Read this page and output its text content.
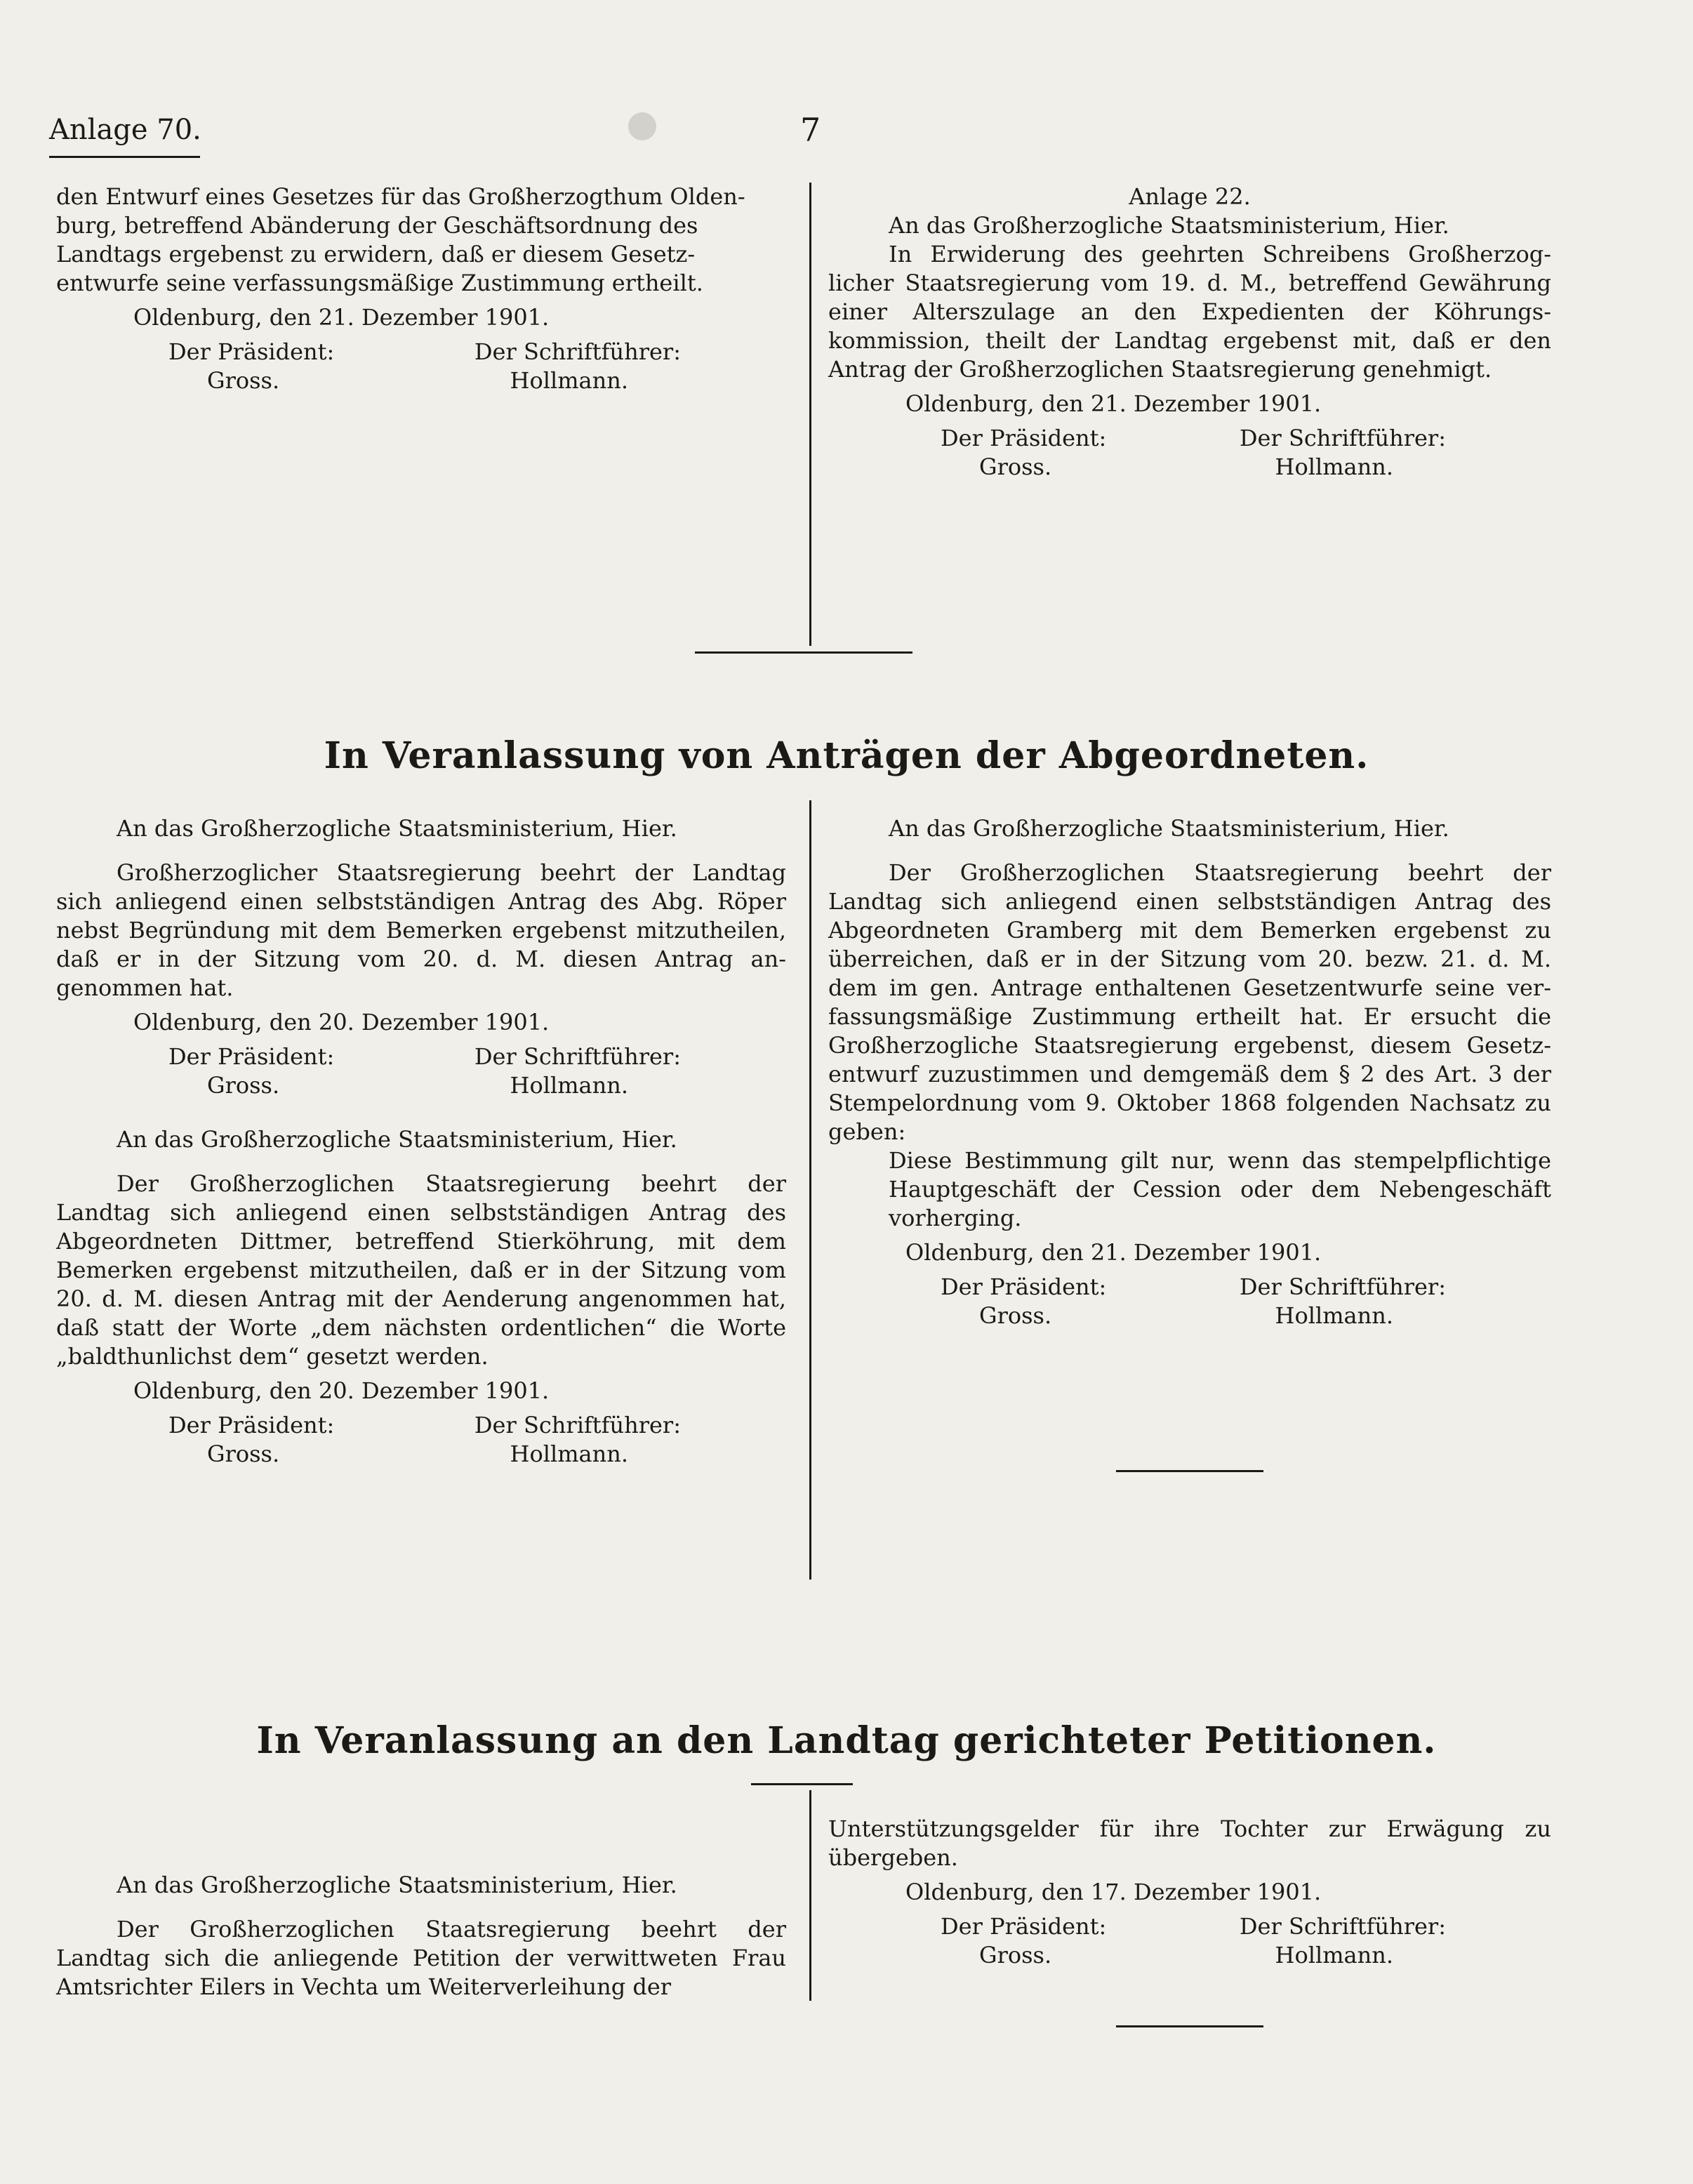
Anlage 70.	7

den Entwurf eines Gesetzes für das Großherzogthum Olden-

burg, betreffend Abänderung der Geschäftsordnung des

Landtags ergebenst zu erwidern, daß er diesem Gesetz-

entwurfe seine verfassungsmäßige Zustimmung ertheilt.

Oldenburg, den 21. Dezember 1901.

Der Präsident:	Der Schriftführer:
Gross.	Hollmann.

Anlage 22.

An das Großherzogliche Staatsministerium, Hier.

In Erwiderung des geehrten Schreibens Großherzoglicher Staatsregierung vom 19. d. M., betreffend Gewährung einer Alterszulage an den Expedienten der Köhrungskommission, theilt der Landtag ergebenst mit, daß er den Antrag der Großherzoglichen Staatsregierung genehmigt.

Oldenburg, den 21. Dezember 1901.

Der Präsident:	Der Schriftführer:
Gross.	Hollmann.
In Veranlassung von Anträgen der Abgeordneten.

An das Großherzogliche Staatsministerium, Hier.

Großherzoglicher Staatsregierung beehrt der Landtag sich anliegend einen selbstständigen Antrag des Abg. Röper nebst Begründung mit dem Bemerken ergebenst mitzutheilen, daß er in der Sitzung vom 20. d. M. diesen Antrag angenommen hat.

Oldenburg, den 20. Dezember 1901.

Der Präsident:	Der Schriftführer:
Gross.	Hollmann.

An das Großherzogliche Staatsministerium, Hier.

Der Großherzoglichen Staatsregierung beehrt der Landtag sich anliegend einen selbstständigen Antrag des Abgeordneten Dittmer, betreffend Stierköhrung, mit dem Bemerken ergebenst mitzutheilen, daß er in der Sitzung vom 20. d. M. diesen Antrag mit der Aenderung angenommen hat, daß statt der Worte „dem nächsten ordentlichen“ die Worte „baldthunlichst dem“ gesetzt werden.

Oldenburg, den 20. Dezember 1901.

Der Präsident:	Der Schriftführer:
Gross.	Hollmann.

An das Großherzogliche Staatsministerium, Hier.

Der Großherzoglichen Staatsregierung beehrt der Landtag sich anliegend einen selbstständigen Antrag des Abgeordneten Gramberg mit dem Bemerken ergebenst zu überreichen, daß er in der Sitzung vom 20. bezw. 21. d. M. dem im gen. Antrage enthaltenen Gesetzentwurfe seine verfassungsmäßige Zustimmung ertheilt hat. Er ersucht die Großherzogliche Staatsregierung ergebenst, diesem Gesetzentwurf zuzustimmen und demgemäß dem § 2 des Art. 3 der Stempelordnung vom 9. Oktober 1868 folgenden Nachsatz zu geben:

Diese Bestimmung gilt nur, wenn das stempelpflichtige Hauptgeschäft der Cession oder dem Nebengeschäft vorherging.

Oldenburg, den 21. Dezember 1901.

Der Präsident:	Der Schriftführer:
Gross.	Hollmann.
In Veranlassung an den Landtag gerichteter Petitionen.

An das Großherzogliche Staatsministerium, Hier.

Der Großherzoglichen Staatsregierung beehrt der Landtag sich die anliegende Petition der verwittweten Frau Amtsrichter Eilers in Vechta um Weiterverleihung der

Unterstützungsgelder für ihre Tochter zur Erwägung zu übergeben.

Oldenburg, den 17. Dezember 1901.

Der Präsident:	Der Schriftführer:
Gross.	Hollmann.
